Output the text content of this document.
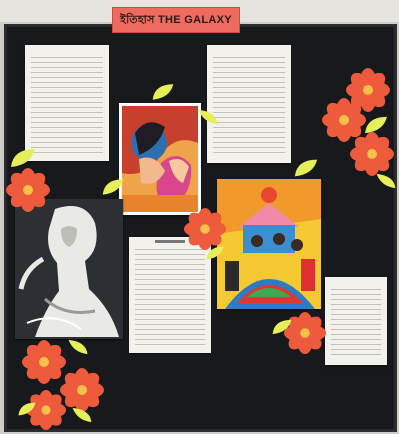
ইতিহাস THE GALAXY
